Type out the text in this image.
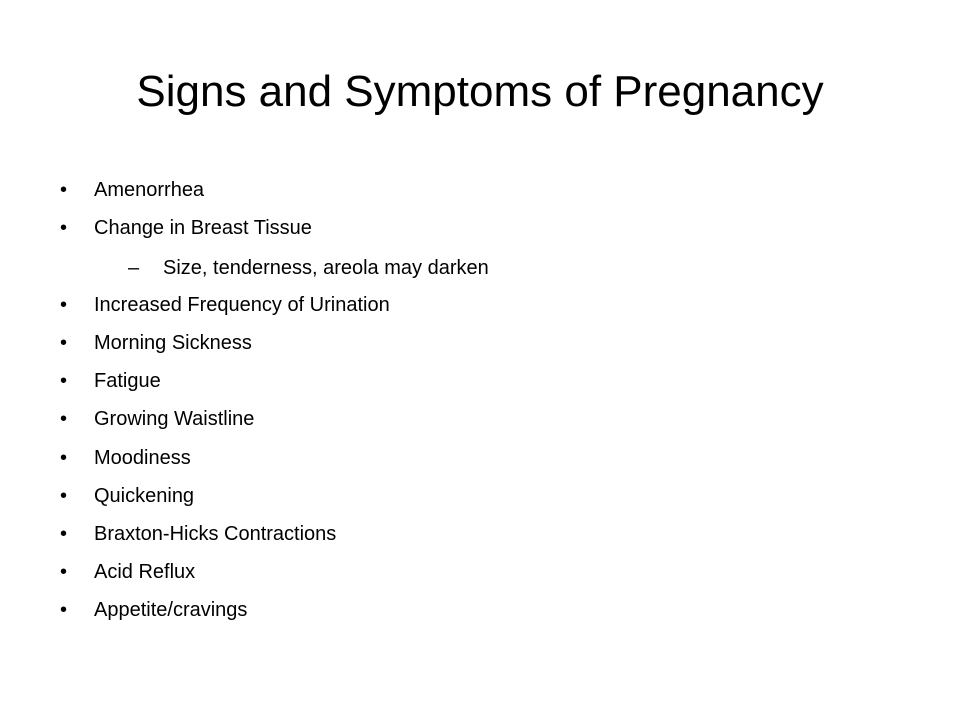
Signs and Symptoms of Pregnancy
• Amenorrhea
• Change in Breast Tissue
– Size, tenderness, areola may darken
• Increased Frequency of Urination
• Morning Sickness
• Fatigue
• Growing Waistline
• Moodiness
• Quickening
• Braxton-Hicks Contractions
• Acid Reflux
• Appetite/cravings
